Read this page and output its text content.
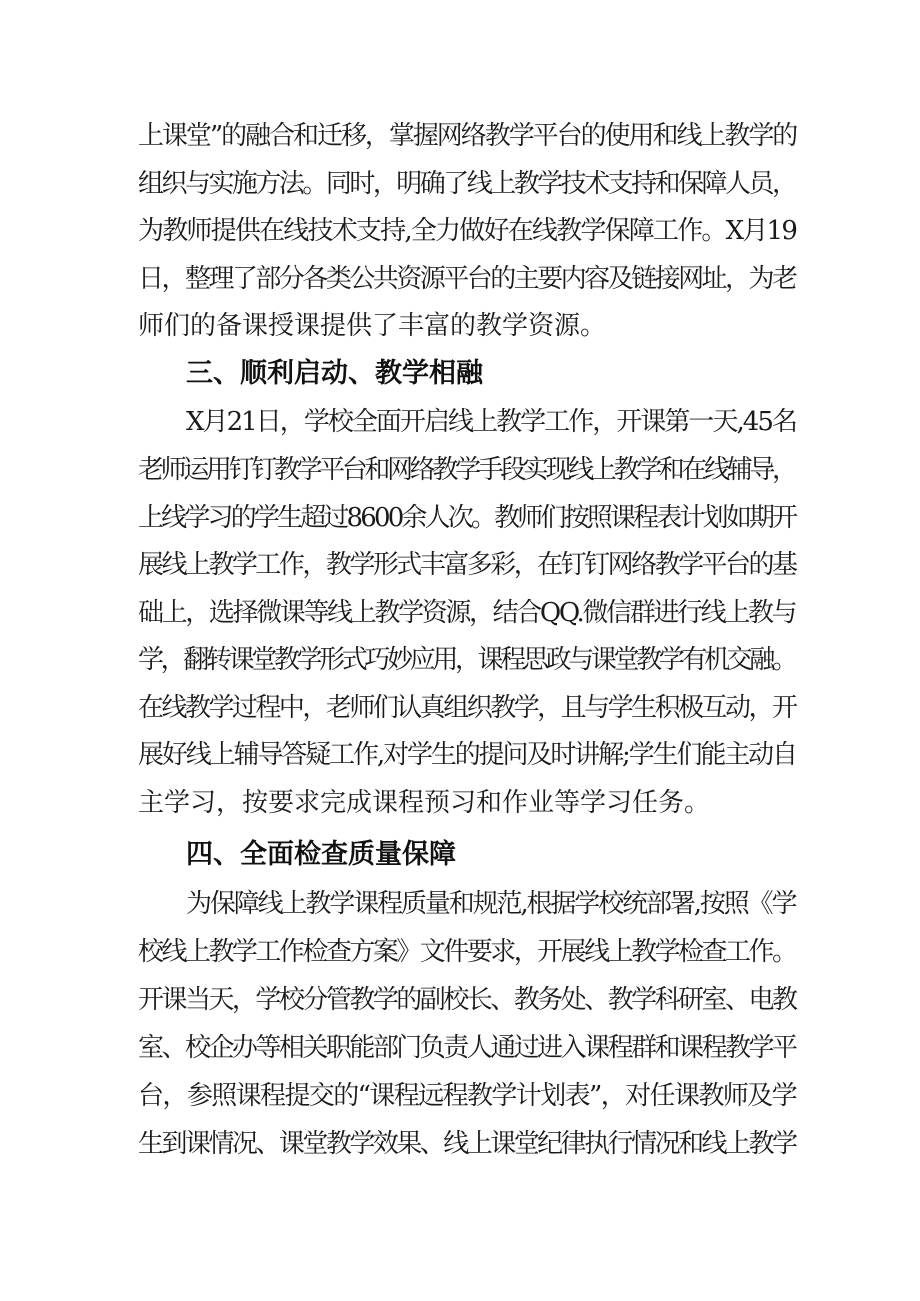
上课堂”的融合和迁移，掌握网络教学平台的使用和线上教学的
组织与实施方法。同时，明确了线上教学技术支持和保障人员，
为教师提供在线技术支持,全力做好在线教学保障工作。X月19
日，整理了部分各类公共资源平台的主要内容及链接网址，为老
师们的备课授课提供了丰富的教学资源。
三、顺利启动、教学相融
X月21日，学校全面开启线上教学工作，开课第一天,45名
老师运用钉钉教学平台和网络教学手段实现线上教学和在线辅导，
上线学习的学生超过8600余人次。教师们按照课程表计划如期开
展线上教学工作，教学形式丰富多彩，在钉钉网络教学平台的基
础上，选择微课等线上教学资源，结合QQ.微信群进行线上教与
学，翻转课堂教学形式巧妙应用，课程思政与课堂教学有机交融。
在线教学过程中，老师们认真组织教学，且与学生积极互动，开
展好线上辅导答疑工作,对学生的提问及时讲解;学生们能主动自
主学习，按要求完成课程预习和作业等学习任务。
四、全面检查质量保障
为保障线上教学课程质量和规范,根据学校统部署,按照《学
校线上教学工作检查方案》文件要求，开展线上教学检查工作。
开课当天，学校分管教学的副校长、教务处、教学科研室、电教
室、校企办等相关职能部门负责人通过进入课程群和课程教学平
台，参照课程提交的“课程远程教学计划表”，对任课教师及学
生到课情况、课堂教学效果、线上课堂纪律执行情况和线上教学
